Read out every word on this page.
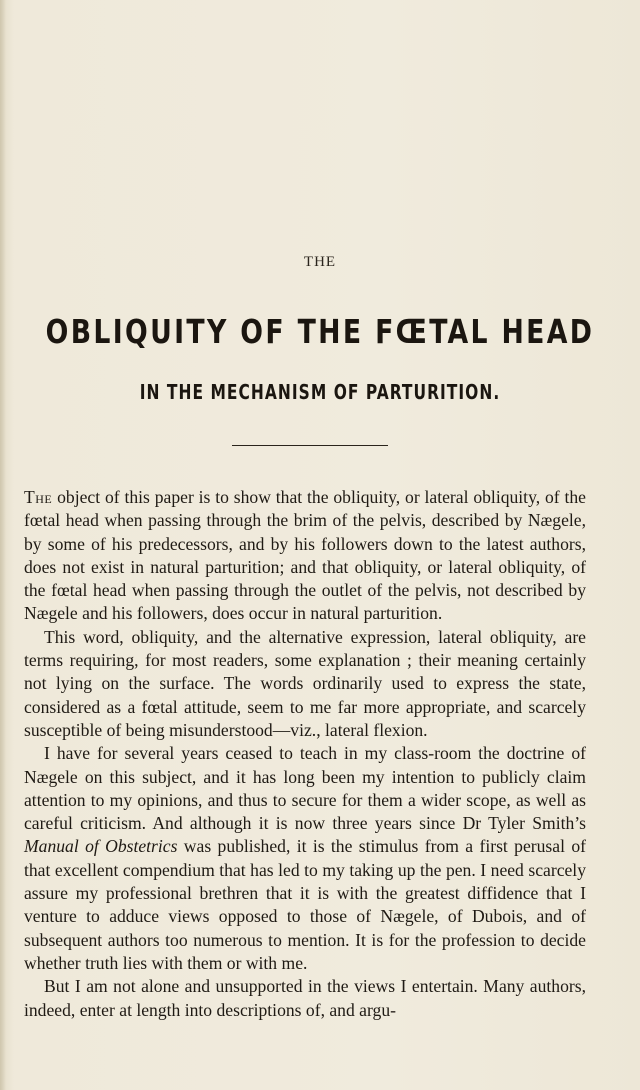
THE
OBLIQUITY OF THE FŒTAL HEAD
IN THE MECHANISM OF PARTURITION.

The object of this paper is to show that the obliquity, or lateral obliquity, of the fœtal head when passing through the brim of the pelvis, described by Nægele, by some of his predecessors, and by his followers down to the latest authors, does not exist in natural parturition; and that obliquity, or lateral obliquity, of the fœtal head when passing through the outlet of the pelvis, not described by Nægele and his followers, does occur in natural parturition.

This word, obliquity, and the alternative expression, lateral obliquity, are terms requiring, for most readers, some explanation ; their meaning certainly not lying on the surface. The words ordinarily used to express the state, considered as a fœtal attitude, seem to me far more appropriate, and scarcely susceptible of being misunderstood—viz., lateral flexion.

I have for several years ceased to teach in my class-room the doctrine of Nægele on this subject, and it has long been my intention to publicly claim attention to my opinions, and thus to secure for them a wider scope, as well as careful criticism. And although it is now three years since Dr Tyler Smith’s Manual of Obstetrics was published, it is the stimulus from a first perusal of that excellent compendium that has led to my taking up the pen. I need scarcely assure my professional brethren that it is with the greatest diffidence that I venture to adduce views opposed to those of Nægele, of Dubois, and of subsequent authors too numerous to mention. It is for the profession to decide whether truth lies with them or with me.

But I am not alone and unsupported in the views I entertain. Many authors, indeed, enter at length into descriptions of, and argu-
